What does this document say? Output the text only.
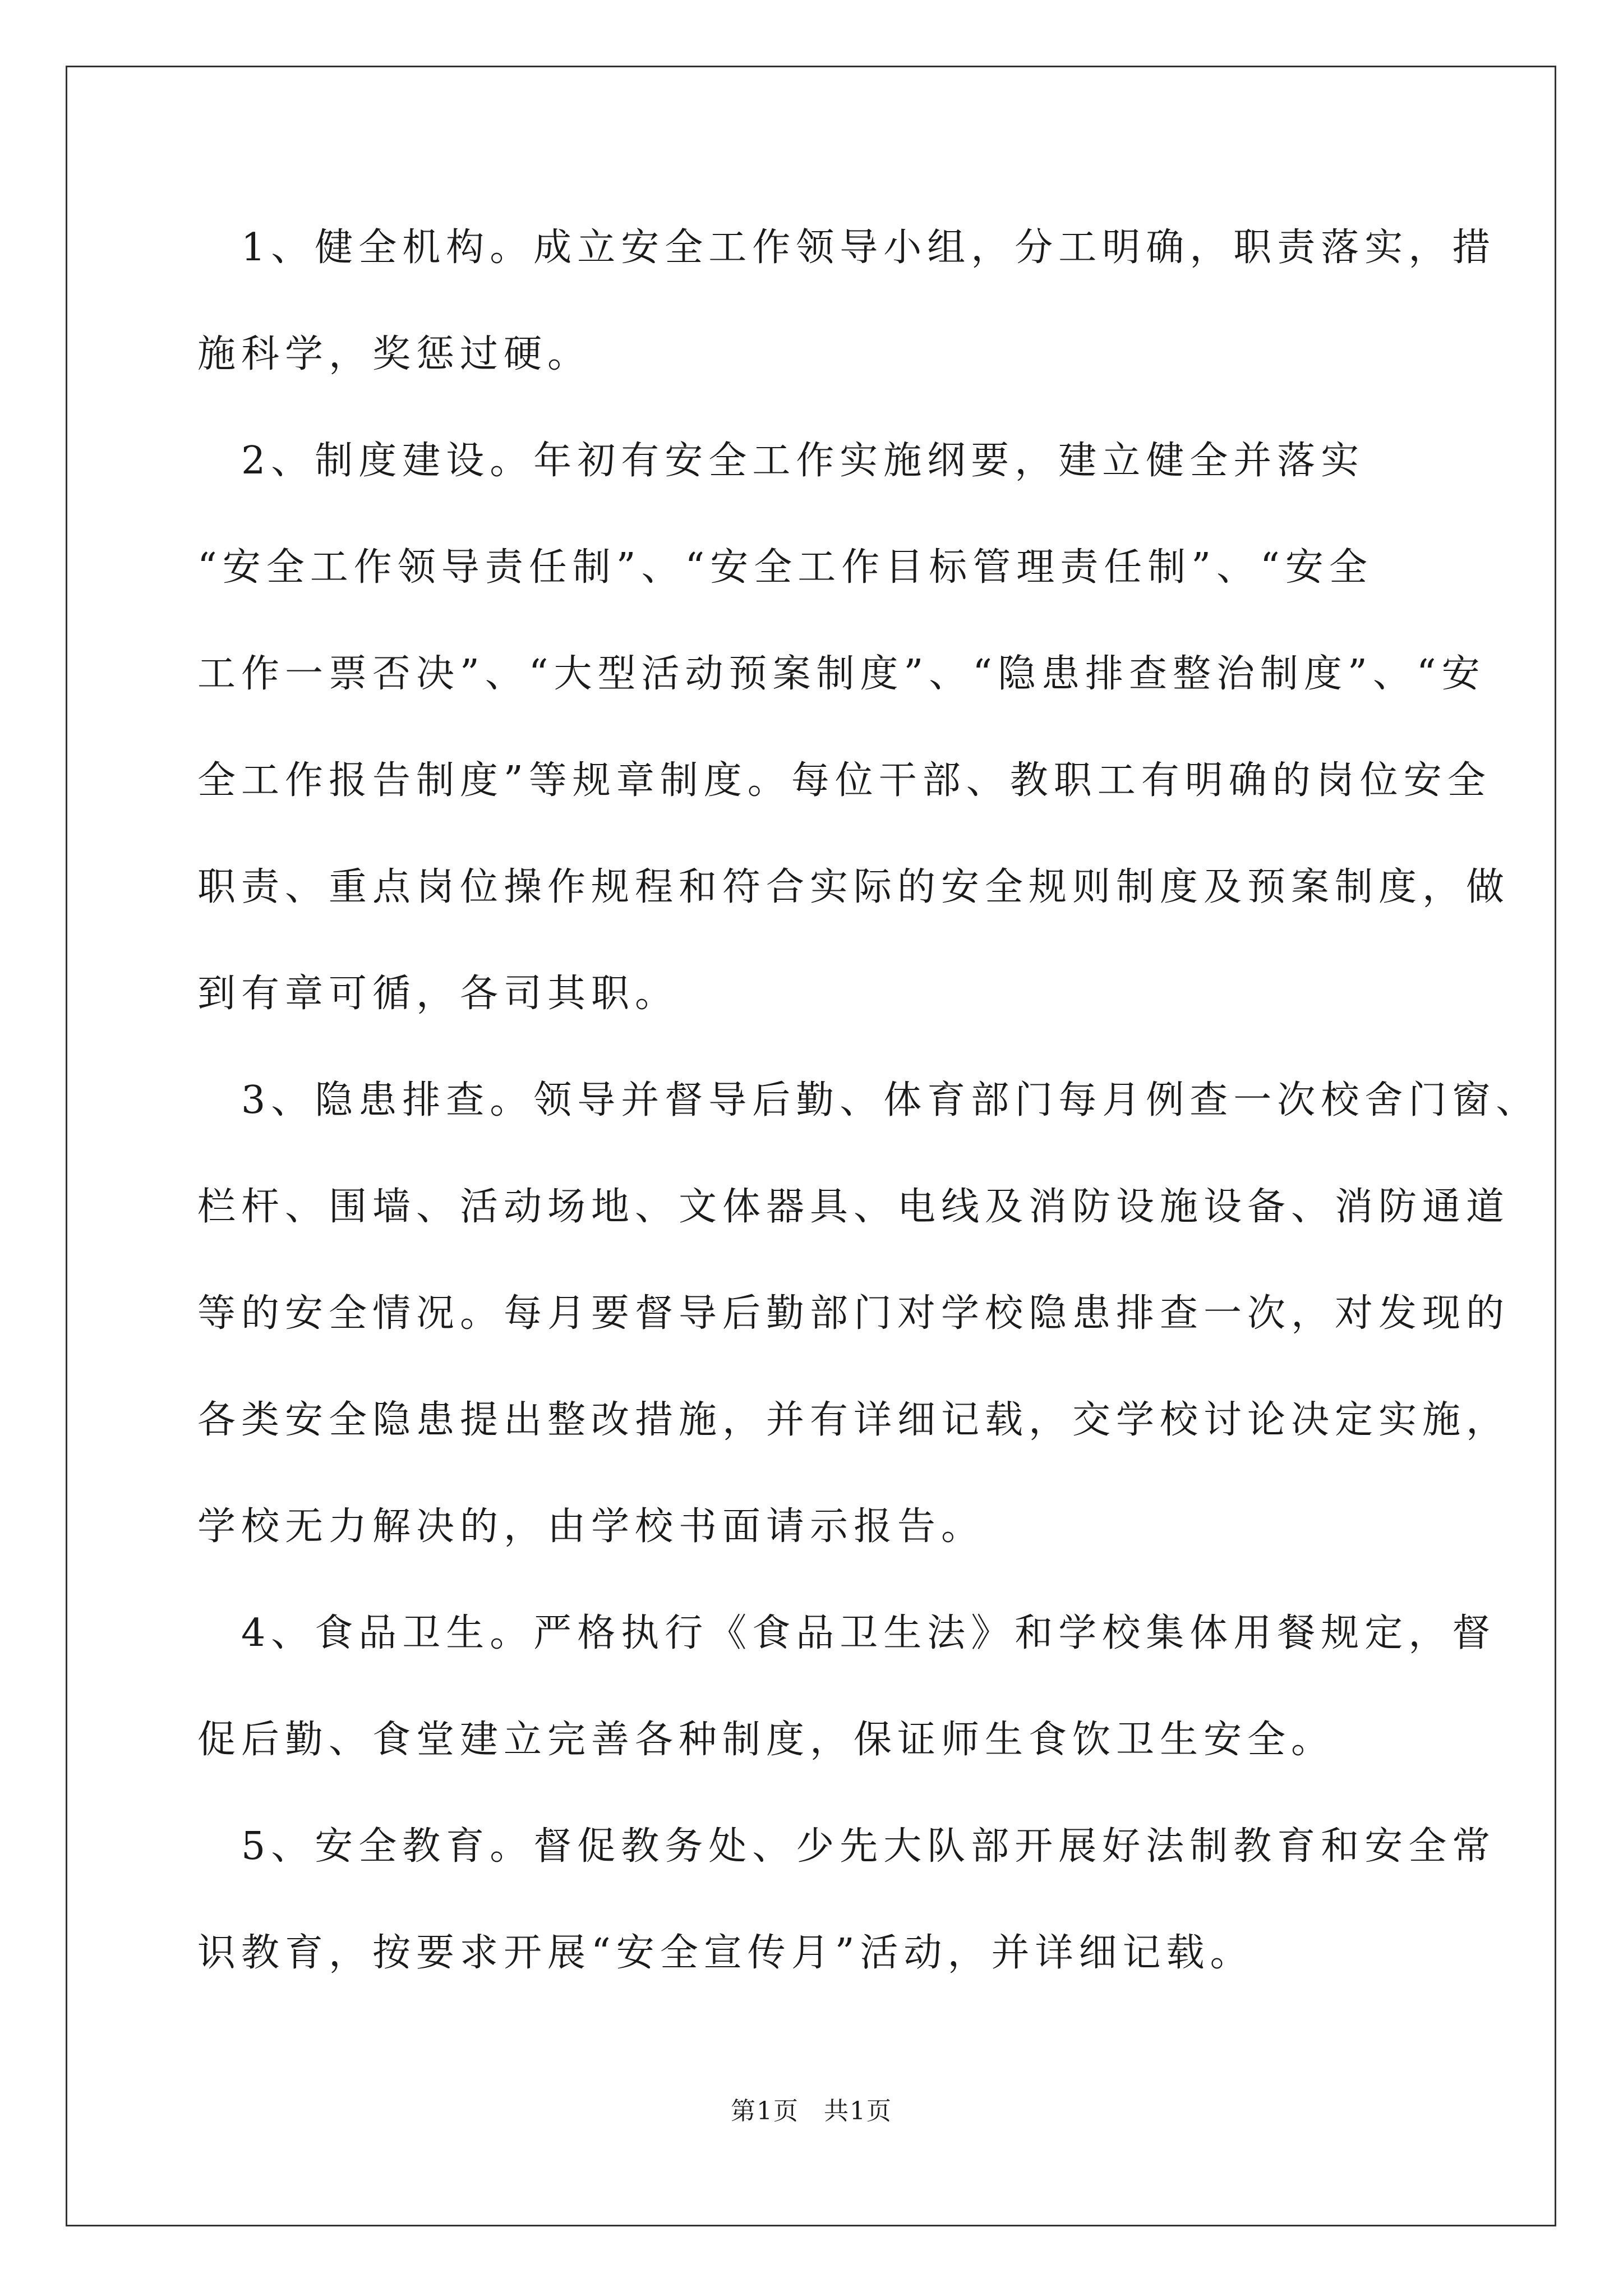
　1、健全机构。成立安全工作领导小组，分工明确，职责落实，措
施科学，奖惩过硬。
　2、制度建设。年初有安全工作实施纲要，建立健全并落实
“安全工作领导责任制”、“安全工作目标管理责任制”、“安全
工作一票否决”、“大型活动预案制度”、“隐患排查整治制度”、“安
全工作报告制度”等规章制度。每位干部、教职工有明确的岗位安全
职责、重点岗位操作规程和符合实际的安全规则制度及预案制度，做
到有章可循，各司其职。
　3、隐患排查。领导并督导后勤、体育部门每月例查一次校舍门窗、
栏杆、围墙、活动场地、文体器具、电线及消防设施设备、消防通道
等的安全情况。每月要督导后勤部门对学校隐患排查一次，对发现的
各类安全隐患提出整改措施，并有详细记载，交学校讨论决定实施，
学校无力解决的，由学校书面请示报告。
　4、食品卫生。严格执行《食品卫生法》和学校集体用餐规定，督
促后勤、食堂建立完善各种制度，保证师生食饮卫生安全。
　5、安全教育。督促教务处、少先大队部开展好法制教育和安全常
识教育，按要求开展“安全宣传月”活动，并详细记载。
第1页 共1页
